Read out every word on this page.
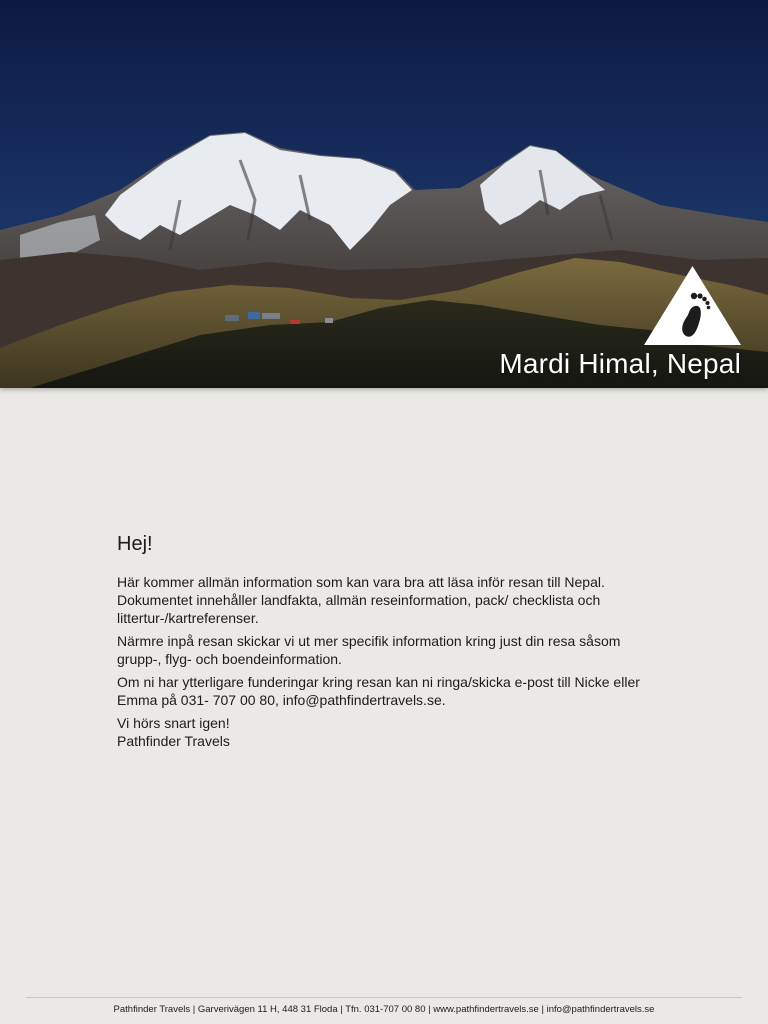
Mardi Himal, Nepal
Hej!

Här kommer allmän information som kan vara bra att läsa inför resan till Nepal. Dokumentet innehåller landfakta, allmän reseinformation, pack/ checklista och littertur-/kartreferenser.

Närmre inpå resan skickar vi ut mer specifik information kring just din resa såsom grupp-, flyg- och boendeinformation.

Om ni har ytterligare funderingar kring resan kan ni ringa/skicka e-post till Nicke eller Emma på 031- 707 00 80, info@pathfindertravels.se.

Vi hörs snart igen!

Pathfinder Travels

Pathfinder Travels | Garverivägen 11 H, 448 31 Floda | Tfn. 031-707 00 80 | www.pathfindertravels.se | info@pathfindertravels.se
